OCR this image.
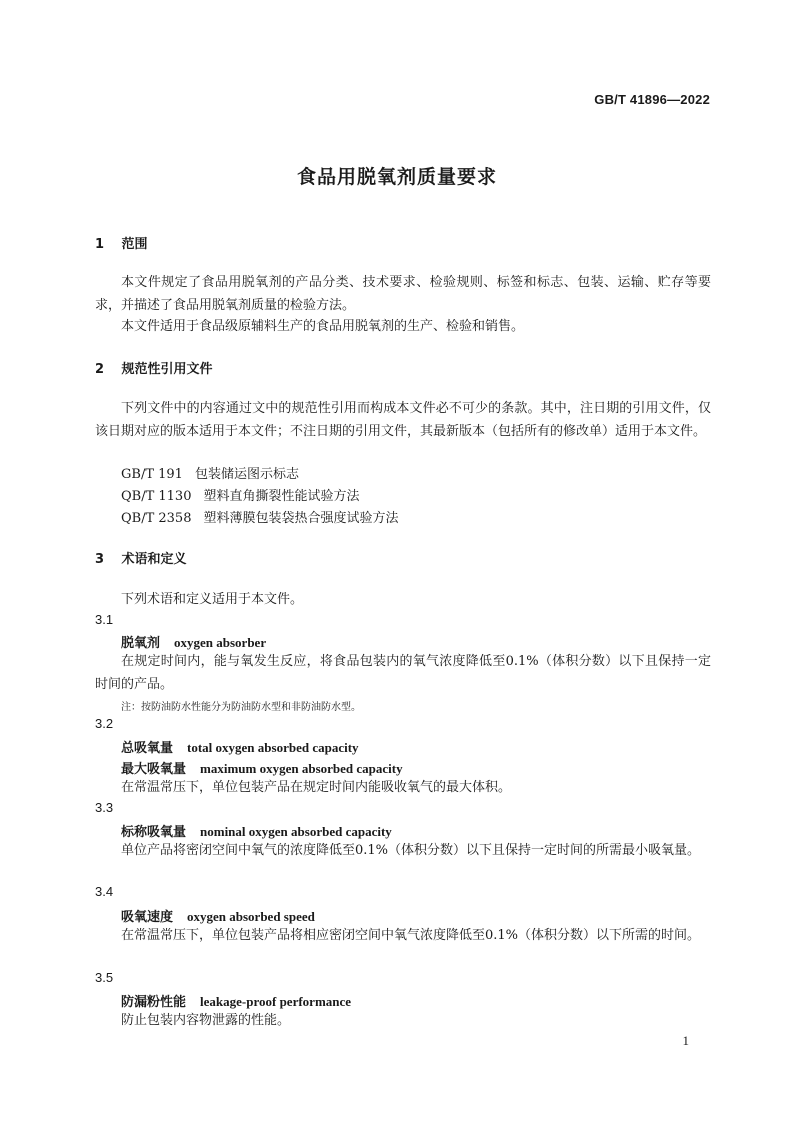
GB/T 41896—2022
食品用脱氧剂质量要求
1 范围
本文件规定了食品用脱氧剂的产品分类、技术要求、检验规则、标签和标志、包装、运输、贮存等要求，并描述了食品用脱氧剂质量的检验方法。
本文件适用于食品级原辅料生产的食品用脱氧剂的生产、检验和销售。
2 规范性引用文件
下列文件中的内容通过文中的规范性引用而构成本文件必不可少的条款。其中，注日期的引用文件，仅该日期对应的版本适用于本文件；不注日期的引用文件，其最新版本（包括所有的修改单）适用于本文件。
GB/T 191 包装储运图示标志
QB/T 1130 塑料直角撕裂性能试验方法
QB/T 2358 塑料薄膜包装袋热合强度试验方法
3 术语和定义
下列术语和定义适用于本文件。
3.1
脱氧剂 oxygen absorber
在规定时间内，能与氧发生反应，将食品包装内的氧气浓度降低至0.1%（体积分数）以下且保持一定时间的产品。
注：按防油防水性能分为防油防水型和非防油防水型。
3.2
总吸氧量 total oxygen absorbed capacity
最大吸氧量 maximum oxygen absorbed capacity
在常温常压下，单位包装产品在规定时间内能吸收氧气的最大体积。
3.3
标称吸氧量 nominal oxygen absorbed capacity
单位产品将密闭空间中氧气的浓度降低至0.1%（体积分数）以下且保持一定时间的所需最小吸氧量。
3.4
吸氧速度 oxygen absorbed speed
在常温常压下，单位包装产品将相应密闭空间中氧气浓度降低至0.1%（体积分数）以下所需的时间。
3.5
防漏粉性能 leakage-proof performance
防止包装内容物泄露的性能。
1
